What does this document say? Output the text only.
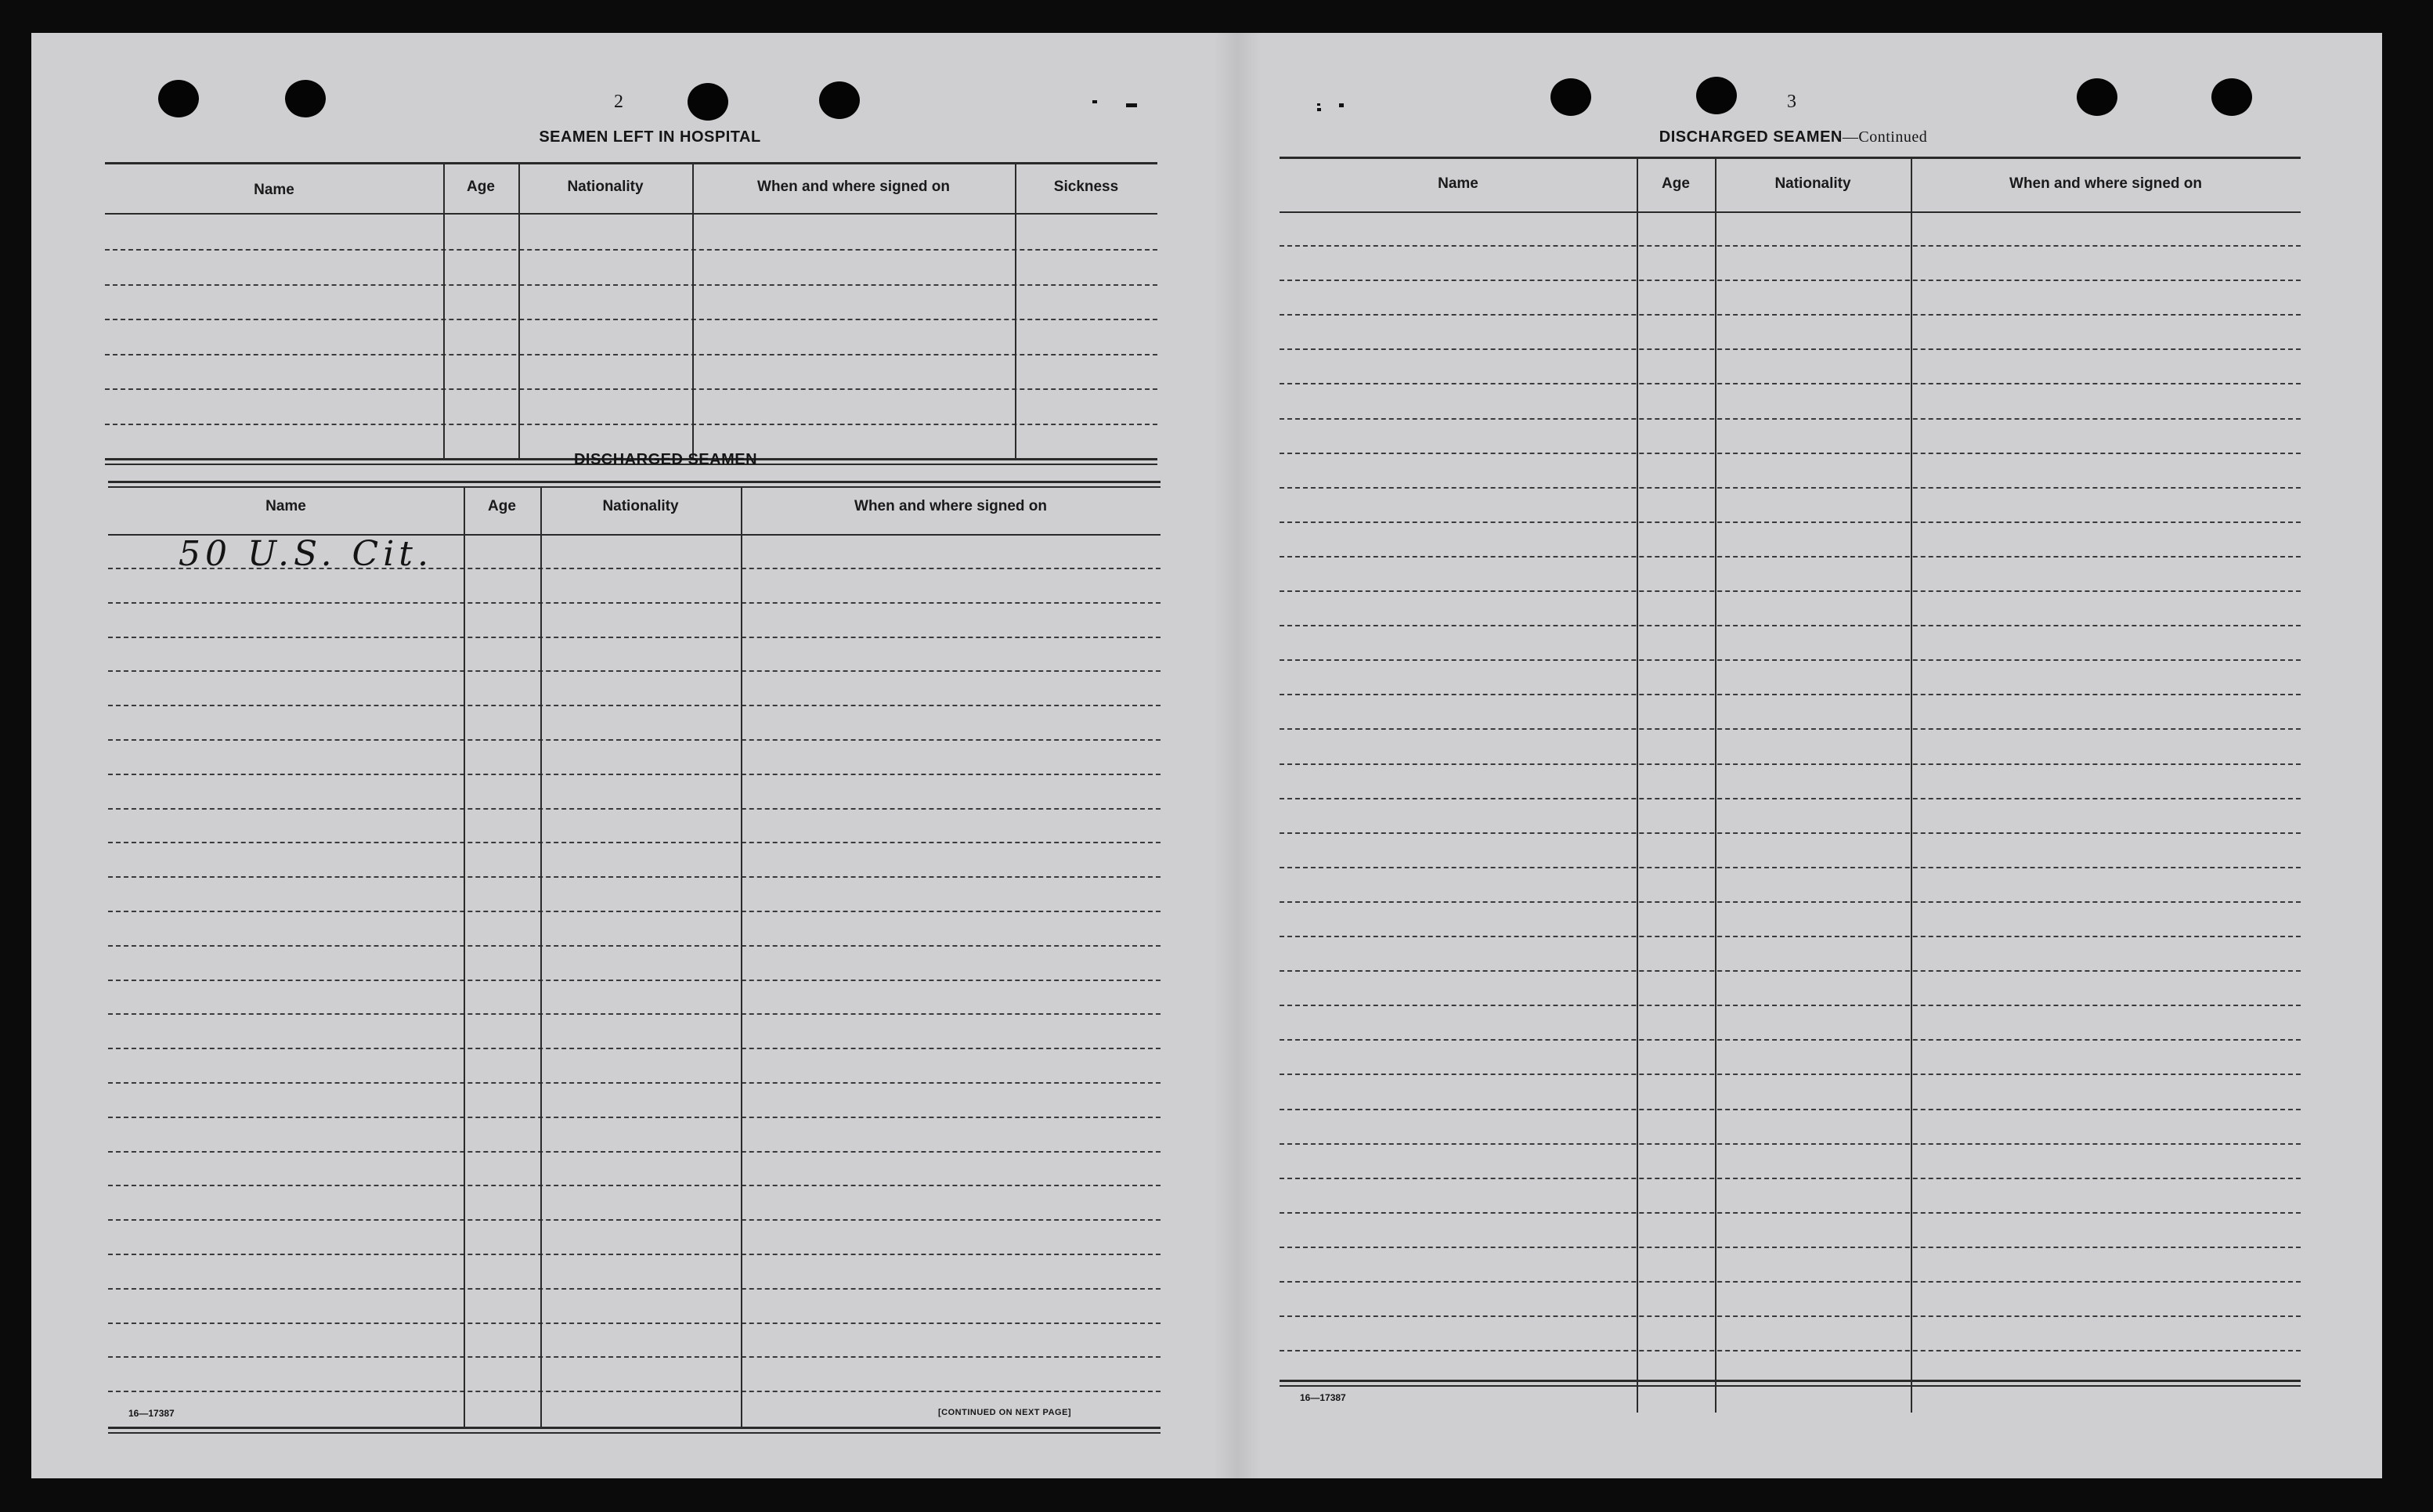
2
SEAMEN LEFT IN HOSPITAL
Name	Age	Nationality	When and where signed on	Sickness
DISCHARGED SEAMEN
Name	Age	Nationality	When and where signed on
50 U.S. Cit.
16—17387	[CONTINUED ON NEXT PAGE]
3
DISCHARGED SEAMEN—Continued
Name	Age	Nationality	When and where signed on
16—17387
